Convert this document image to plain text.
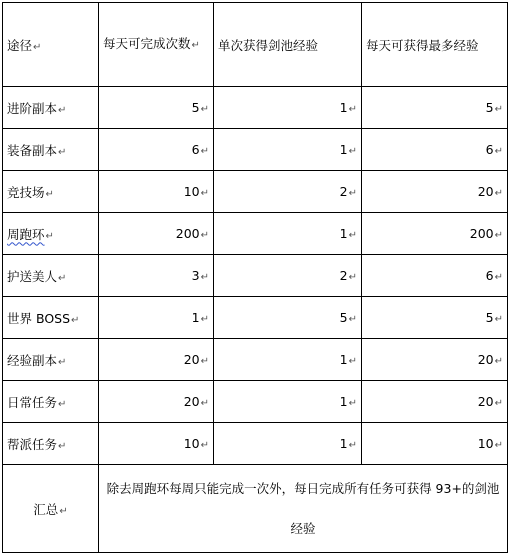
途径↵	每天可完成次数↵	单次获得剑池经验	每天可获得最多经验
进阶副本↵	5↵	1↵	5↵
装备副本↵	6↵	1↵	6↵
竞技场↵	10↵	2↵	20↵
周跑环↵	200↵	1↵	200↵
护送美人↵	3↵	2↵	6↵
世界 BOSS↵	1↵	5↵	5↵
经验副本↵	20↵	1↵	20↵
日常任务↵	20↵	1↵	20↵
帮派任务↵	10↵	1↵	10↵
汇总↵	除去周跑环每周只能完成一次外，每日完成所有任务可获得 93+的剑池经验		
